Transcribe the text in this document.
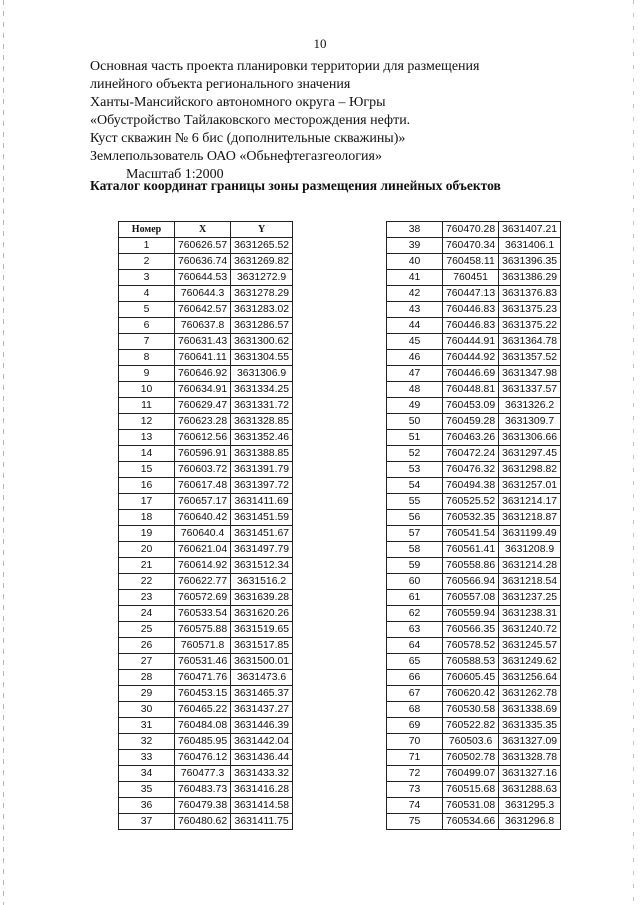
10
Основная часть проекта планировки территории для размещения
линейного объекта регионального значения
Ханты-Мансийского автономного округа – Югры
«Обустройство Тайлаковского месторождения нефти.
Куст скважин № 6 бис (дополнительные скважины)»
Землепользователь ОАО «Обьнефтегазгеология»
Масштаб 1:2000
Каталог координат границы зоны размещения линейных объектов
Номер	X	Y
1	760626.57	3631265.52
2	760636.74	3631269.82
3	760644.53	3631272.9
4	760644.3	3631278.29
5	760642.57	3631283.02
6	760637.8	3631286.57
7	760631.43	3631300.62
8	760641.11	3631304.55
9	760646.92	3631306.9
10	760634.91	3631334.25
11	760629.47	3631331.72
12	760623.28	3631328.85
13	760612.56	3631352.46
14	760596.91	3631388.85
15	760603.72	3631391.79
16	760617.48	3631397.72
17	760657.17	3631411.69
18	760640.42	3631451.59
19	760640.4	3631451.67
20	760621.04	3631497.79
21	760614.92	3631512.34
22	760622.77	3631516.2
23	760572.69	3631639.28
24	760533.54	3631620.26
25	760575.88	3631519.65
26	760571.8	3631517.85
27	760531.46	3631500.01
28	760471.76	3631473.6
29	760453.15	3631465.37
30	760465.22	3631437.27
31	760484.08	3631446.39
32	760485.95	3631442.04
33	760476.12	3631436.44
34	760477.3	3631433.32
35	760483.73	3631416.28
36	760479.38	3631414.58
37	760480.62	3631411.75
38	760470.28	3631407.21
39	760470.34	3631406.1
40	760458.11	3631396.35
41	760451	3631386.29
42	760447.13	3631376.83
43	760446.83	3631375.23
44	760446.83	3631375.22
45	760444.91	3631364.78
46	760444.92	3631357.52
47	760446.69	3631347.98
48	760448.81	3631337.57
49	760453.09	3631326.2
50	760459.28	3631309.7
51	760463.26	3631306.66
52	760472.24	3631297.45
53	760476.32	3631298.82
54	760494.38	3631257.01
55	760525.52	3631214.17
56	760532.35	3631218.87
57	760541.54	3631199.49
58	760561.41	3631208.9
59	760558.86	3631214.28
60	760566.94	3631218.54
61	760557.08	3631237.25
62	760559.94	3631238.31
63	760566.35	3631240.72
64	760578.52	3631245.57
65	760588.53	3631249.62
66	760605.45	3631256.64
67	760620.42	3631262.78
68	760530.58	3631338.69
69	760522.82	3631335.35
70	760503.6	3631327.09
71	760502.78	3631328.78
72	760499.07	3631327.16
73	760515.68	3631288.63
74	760531.08	3631295.3
75	760534.66	3631296.8
